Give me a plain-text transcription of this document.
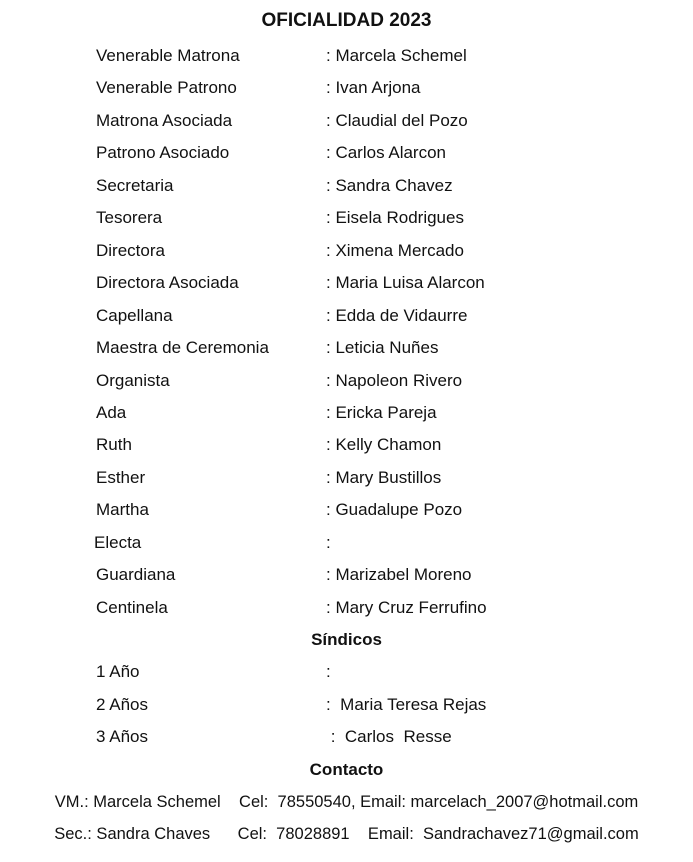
OFICIALIDAD 2023
Venerable Matrona	: Marcela Schemel
Venerable Patrono	: Ivan Arjona
Matrona Asociada	: Claudial del Pozo
Patrono Asociado	: Carlos Alarcon
Secretaria	: Sandra Chavez
Tesorera	: Eisela Rodrigues
Directora	: Ximena Mercado
Directora Asociada	: Maria Luisa Alarcon
Capellana	: Edda de Vidaurre
Maestra de Ceremonia	: Leticia Nuñes
Organista	: Napoleon Rivero
Ada	: Ericka Pareja
Ruth	: Kelly Chamon
Esther	: Mary Bustillos
Martha	: Guadalupe Pozo
Electa	:
Guardiana	: Marizabel Moreno
Centinela	: Mary Cruz Ferrufino
Síndicos
1 Año	:
2 Años	:  Maria Teresa Rejas
3 Años	:  Carlos  Resse
Contacto
VM.: Marcela Schemel    Cel:  78550540, Email: marcelach_2007@hotmail.com
Sec.: Sandra Chaves      Cel:  78028891    Email:  Sandrachavez71@gmail.com
